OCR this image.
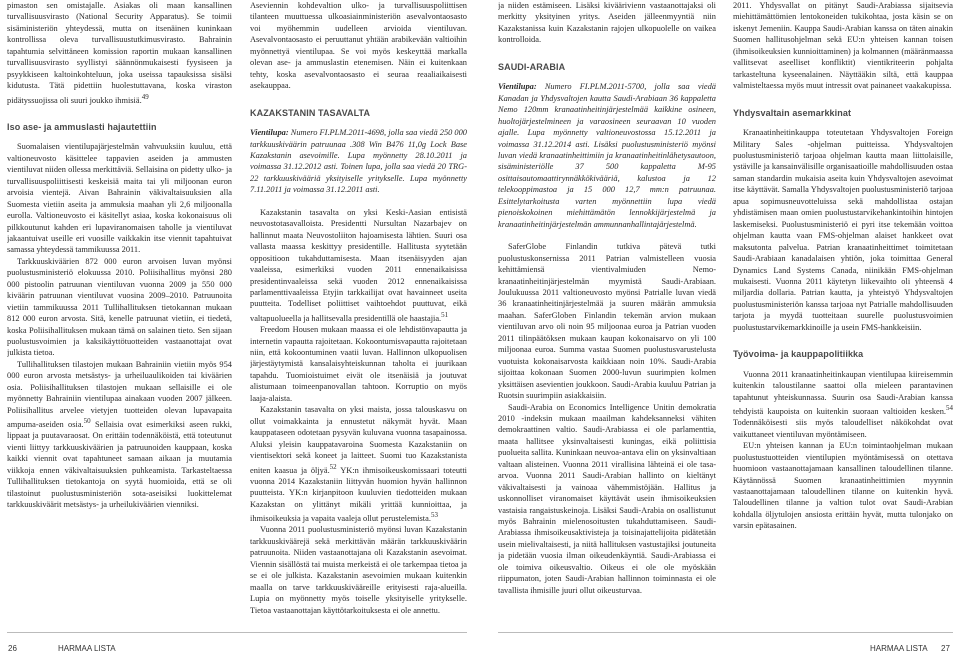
pimaston sen omistajalle. Asiakas oli maan kansallinen turvallisuusvirasto (National Security Apparatus). Se toimii sisäministeriön yhteydessä, mutta on itsenäinen kuninkaan kontrollissa oleva turvallisuustutkimusvirasto. Bahrainin tapahtumia selvittäneen komission raportin mukaan kansallinen turvallisuusvirasto syyllistyi säännönmukaisesti fyysiseen ja psyykkiseen kaltoinkohteluun, joka useissa tapauksissa sisälsi kidutusta. Tätä pidettiin huolestuttavana, koska viraston pidätyssuojissa oli suuri joukko ihmisiä.$^{49}$

Iso ase- ja ammuslasti hajautettiin

Suomalaisen vientilupajärjestelmän vahvuuksiin kuuluu, että valtioneuvosto käsittelee tappavien aseiden ja ammusten vientiluvat niiden ollessa merkittäviä. Sellaisina on pidetty ulko- ja turvallisuuspoliittisesti keskeisiä maita tai yli miljoonan euron arvoisia vientejä. Aivan Bahrainin väkivaltaisuuksien alla Suomesta vietiin aseita ja ammuksia maahan yli 2,6 miljoonalla eurolla. Valtioneuvosto ei käsitellyt asiaa, koska kokonaisuus oli pilkkoutunut kahden eri lupaviranomaisen taholle ja vientiluvat jakaantuivat useille eri vuosille vaikkakin itse viennit tapahtuivat samassa yhteydessä tammikuussa 2011.

Tarkkuuskiväärien 872 000 euron arvoisen luvan myönsi puolustusministeriö elokuussa 2010. Poliisihallitus myönsi 280 000 pistoolin patruunan vientiluvan vuonna 2009 ja 550 000 kiväärin patruunan vientiluvat vuosina 2009–2010. Patruunoita vietiin tammikuussa 2011 Tullihallituksen tietokannan mukaan 812 000 euron arvosta. Sitä, kenelle patruunat vietiin, ei tiedetä, koska Poliisihallituksen mukaan tämä on salainen tieto. Sen sijaan puolustusvoimien ja kaksikäyttötuotteiden vastaanottajat ovat julkista tietoa.

Tullihallituksen tilastojen mukaan Bahrainiin vietiin myös 954 000 euron arvosta metsästys- ja urheiluaulikoiden tai kiväärien osia. Poliisihallituksen tilastojen mukaan sellaisille ei ole myönnetty Bahrainiin vientilupaa ainakaan vuoden 2007 jälkeen. Poliisihallitus arvelee vietyjen tuotteiden olevan lupavapaita ampuma-aseiden osia.$^{50}$ Sellaisia ovat esimerkiksi aseen rukki, lippaat ja puutavaraosat. On erittäin todennäköistä, että toteutunut vienti liittyy tarkkuuskiväärien ja patruunoiden kauppaan, koska kaikki viennit ovat tapahtuneet samaan aikaan ja muutamia viikkoja ennen väkivaltaisuuksien puhkeamista. Tarkasteltaessa Tullihallituksen tietokantoja on syytä huomioida, että se oli tilastoinut puolustusministeriön sota-aseisiksi luokittelemat tarkkuuskiväärit metsästys- ja urheilukiväärien vienniksi.

Aseviennin kohdevaltion ulko- ja turvallisuuspoliittisen tilanteen muuttuessa ulkoasiainministeriön asevalvontaosasto voi myöhemmin uudelleen arvioida vientiluvan. Asevalvontaosasto ei peruuttanut yhtään arabikevään valtioihin myönnettyä vientilupaa. Se voi myös keskeyttää markalla olevan ase- ja ammuslastin etenemisen. Näin ei kuitenkaan tehty, koska asevalvontaosasto ei seuraa reaaliaikaisesti asekauppaa.

KAZAKSTANIN TASAVALTA

Vientilupa: Numero FI.PLM.2011-4698, jolla saa viedä 250 000 tarkkuuskiväärin patruunaa .308 Win B476 11,0g Lock Base Kazakstanin asevoimille. Lupa myönnetty 28.10.2011 ja voimassa 31.12.2012 asti. Toinen lupa, jolla saa viedä 20 TRG-22 tarkkuuskivääriä yksityiselle yritykselle. Lupa myönnetty 7.11.2011 ja voimassa 31.12.2011 asti.

Kazakstanin tasavalta on yksi Keski-Aasian entisistä neuvostotasavalloista. Presidentti Nursultan Nazarbajev on hallinnut maata Neuvostoliiton hajoamisesta lähtien. Suuri osa vallasta maassa keskittyy presidentille. Hallitusta syytetään oppositioon tukahduttamisesta. Maan itsenäisyyden ajan vaaleissa, esimerkiksi vuoden 2011 ennenaikaisissa presidentinvaaleissa sekä vuoden 2012 ennenaikaisissa parlamenttivaaleissa Etyjin tarkkailijat ovat havainneet useita puutteita. Todelliset poliittiset vaihtoehdot puuttuvat, eikä valtapuolueella ja hallitsevalla presidentillä ole haastajia.$^{51}$

Freedom Housen mukaan maassa ei ole lehdistönvapautta ja internetin vapautta rajoitetaan. Kokoontumisvapautta rajoitetaan niin, että kokoontuminen vaatii luvan. Hallinnon ulkopuolisen järjestäytymistä kansalaisyhteiskunnan taholta ei juurikaan tapahdu. Tuomioistuimet eivät ole itsenäisiä ja joutuvat alistumaan toimeenpanovallan tahtoon. Korruptio on myös laaja-alaista.

Kazakstanin tasavalta on yksi maista, jossa talouskasvu on ollut voimakkainta ja ennustetut näkymät hyvät. Maan kauppataseen odotetaan pysyvän kuluvana vuonna tasapainossa. Aluksi yleisin kauppatavaroina Suomesta Kazakstaniin on vientisektori sekä koneet ja laitteet. Suomi tuo Kazakstanista eniten kaasua ja öljyä.$^{52}$ YK:n ihmisoikeuskomissaari toteutti vuonna 2014 Kazakstaniin liittyvän huomion hyvän hallinnon puutteista. YK:n kirjanpitoon kuuluvien tiedotteiden mukaan Kazakstan on ylittänyt mikäli yrittää kunnioittaa, ja ihmisoikeuksia ja vapaita vaaleja ollut perustelemista.$^{53}$

Vuonna 2011 puolustusministeriö myönsi luvan Kazakstanin tarkkuuskiväärejä sekä merkittävän määrän tarkkuuskiväärin patruunoita. Niiden vastaanottajana oli Kazakstanin asevoimat. Viennin sisällöstä tai muista merkeistä ei ole tarkempaa tietoa ja se ei ole julkista. Kazakstanin asevoimien mukaan kuitenkin maalla on tarve tarkkuuskivääreille erityisesti raja-alueilla. Lupia on myönnetty myös toiselle yksityiselle yritykselle. Tietoa vastaanottajan käyttötarkoituksesta ei ole annettu.

ja niiden estämiseen. Lisäksi kiväärivienn vastaanottajaksi oli merkitty yksityinen yritys. Aseiden jälleenmyyntiä niin Kazakstanissa kuin Kazakstanin rajojen ulkopuolelle on vaikea kontrolloida.

SAUDI-ARABIA

Vientilupa: Numero FI.PLM.2011-5700, jolla saa viedä Kanadan ja Yhdysvaltojen kautta Saudi-Arabiaan 36 kappaletta Nemo 120mm kranaatinheitinjärjestelmää kaikkine osineen, huoltojärjestelmineen ja varaosineen seuraavan 10 vuoden ajalle. Lupa myönnetty valtioneuvostossa 15.12.2011 ja voimassa 31.12.2014 asti. Lisäksi puolustusministeriö myönsi luvan viedä kranaatinheittimiin ja kranaatinheitinlähetysautoon, sisäministeriölle 37 500 kappaletta M-95 osittaisautomaattirynnäkkökivääriä, kalustoa ja 12 telekooppimastoa ja 15 000 12,7 mm:n patruunaa. Esittelytarkoitusta varten myönnettiin lupa viedä pienoiskokoinen miehittämätön lennokkijärjestelmä ja kranaatinheitinjärjestelmän ammunnanhallintajärjestelmä.

SaferGlobe Finlandin tutkiva pätevä tutki puolustuskonsernissa 2011 Patrian valmistelleen vuosia kehittämiensä vientivalmiuden Nemo-kranaatinheitinjärjestelmän myymistä Saudi-Arabiaan. Joulukuussa 2011 valtioneuvosto myönsi Patrialle luvan viedä 36 kranaatinheitinjärjestelmää ja suuren määrän ammuksia maahan. SaferGloben Finlandin tekemän arvion mukaan vientiluvan arvo oli noin 95 miljoonaa euroa ja Patrian vuoden 2011 tilinpäätöksen mukaan kaupan kokonaisarvo on yli 100 miljoonaa euroa. Summa vastaa Suomen puolustusvarustelusta vuotuista kokonaisarvosta kaikkiaan noin 10%. Saudi-Arabia sijoittaa kokonaan Suomen 2000-luvun suurimpien kolmen yksittäisen asevientien joukkoon. Saudi-Arabia kuuluu Patrian ja Ruotsin suurimpiin asiakkaisiin.

Saudi-Arabia on Economics Intelligence Unitin demokratia 2010 -indeksin mukaan maailman kahdeksanneksi vähiten demokraattinen valtio. Saudi-Arabiassa ei ole parlamenttia, maata hallitsee yksinvaltaisesti kuningas, eikä poliittisia puolueita sallita. Kuninkaan neuvoa-antava elin on yksinvaltiaan valtaan alisteinen. Vuonna 2011 virallisina lähteinä ei ole tasa-arvoa. Vuonna 2011 Saudi-Arabian hallinto on kieltänyt väkivaltaisesti ja vainoaa vähemmistöjään. Hallitus ja uskonnolliset viranomaiset käyttävät usein ihmisoikeuksien vastaisia rangaistuskeinoja. Lisäksi Saudi-Arabia on osallistunut myös Bahrainin mielenosoitusten tukahduttamiseen. Saudi-Arabiassa ihmisoikeusaktivisteja ja toisinajattelijoita pidätetään usein mielivaltaisesti, ja niitä hallituksen vastustajiksi joutuneita ja pidetään vuosia ilman oikeudenkäyntiä. Saudi-Arabiassa ei ole toimiva oikeusvaltio. Oikeus ei ole ole myöskään riippumaton, joten Saudi-Arabian hallinnon toiminnasta ei ole tavallista ihmisille juuri ollut oikeusturvaa.

2011. Yhdysvallat on pitänyt Saudi-Arabiassa sijaitsevia miehittämättömien lentokoneiden tukikohtaa, josta käsin se on iskenyt Jemeniin. Kauppa Saudi-Arabian kanssa on täten ainakin Suomen hallitusohjelman sekä EU:n yhteisen kannan toisen (ihmisoikeuksien kunnioittaminen) ja kolmannen (määränmaassa vallitsevat aseelliset konfliktit) vientikriteerin pohjalta tarkasteltuna kyseenalainen. Näyttääkin siltä, että kauppaa valmisteltaessa myös muut intressit ovat painaneet vaakakupissa.

Yhdysvaltain asemarkkinat

Kranaatinheitinkauppa toteutetaan Yhdysvaltojen Foreign Military Sales -ohjelman puitteissa. Yhdysvaltojen puolustusministeriö tarjoaa ohjelman kautta maan liittolaisille, ystäville ja kansainvälisille organisaatioille mahdollisuuden ostaa saman standardin mukaisia aseita kuin Yhdysvaltojen asevoimat itse käyttävät. Samalla Yhdysvaltojen puolustusministeriö tarjoaa apua sopimusneuvotteluissa sekä mahdollistaa ostajan yhdistämisen maan omien puolustustarvikehankintoihin hintojen laskemiseksi. Puolustusministeriö ei pyri itse tekemään voittoa ohjelman kautta vaan FMS-ohjelman alaiset hankkeet ovat maksutonta palvelua. Patrian kranaatinheittimet toimitetaan Saudi-Arabiaan kanadalaisen yhtiön, joka toimittaa General Dynamics Land Systems Canada, niinikään FMS-ohjelman mukaisesti. Vuonna 2011 käytetyn liikevaihto oli yhteensä 4 miljardia dollaria. Patrian kautta, ja yhteistyö Yhdysvaltojen puolustusministeriön kanssa tarjoaa nyt Patrialle mahdollisuuden tarjota ja myydä tuotteitaan suurelle puolustusvoimien puolustustarvikemarkkinoille ja usein FMS-hankkeisiin.

Työvoima- ja kauppapolitiikka

Vuonna 2011 kranaatinheitinkaupan vientilupaa kiireisemmin kuitenkin taloustilanne saattoi olla mieleen parantavinen tapahtunut yhteiskunnassa. Suurin osa Saudi-Arabian kanssa tehdyistä kaupoista on kuitenkin suoraan valtioiden kesken.$^{54}$ Todennäköisesti siis myös taloudelliset näkökohdat ovat vaikuttaneet vientiluvan myöntämiseen.

EU:n yhteisen kannan ja EU:n toimintaohjelman mukaan puolustustuotteiden vientilupien myöntämisessä on otettava huomioon vastaanottajamaan kansallinen taloudellinen tilanne. Käytännössä Suomen kranaatinheittimien myynnin vastaanottajamaan taloudellinen tilanne on kuitenkin hyvä. Taloudellinen tilanne ja valtion tulot ovat Saudi-Arabian kohdalla öljytulojen ansiosta erittäin hyvät, mutta tulonjako on varsin epätasainen.

26	HARMAA LISTA	HARMAA LISTA 27
